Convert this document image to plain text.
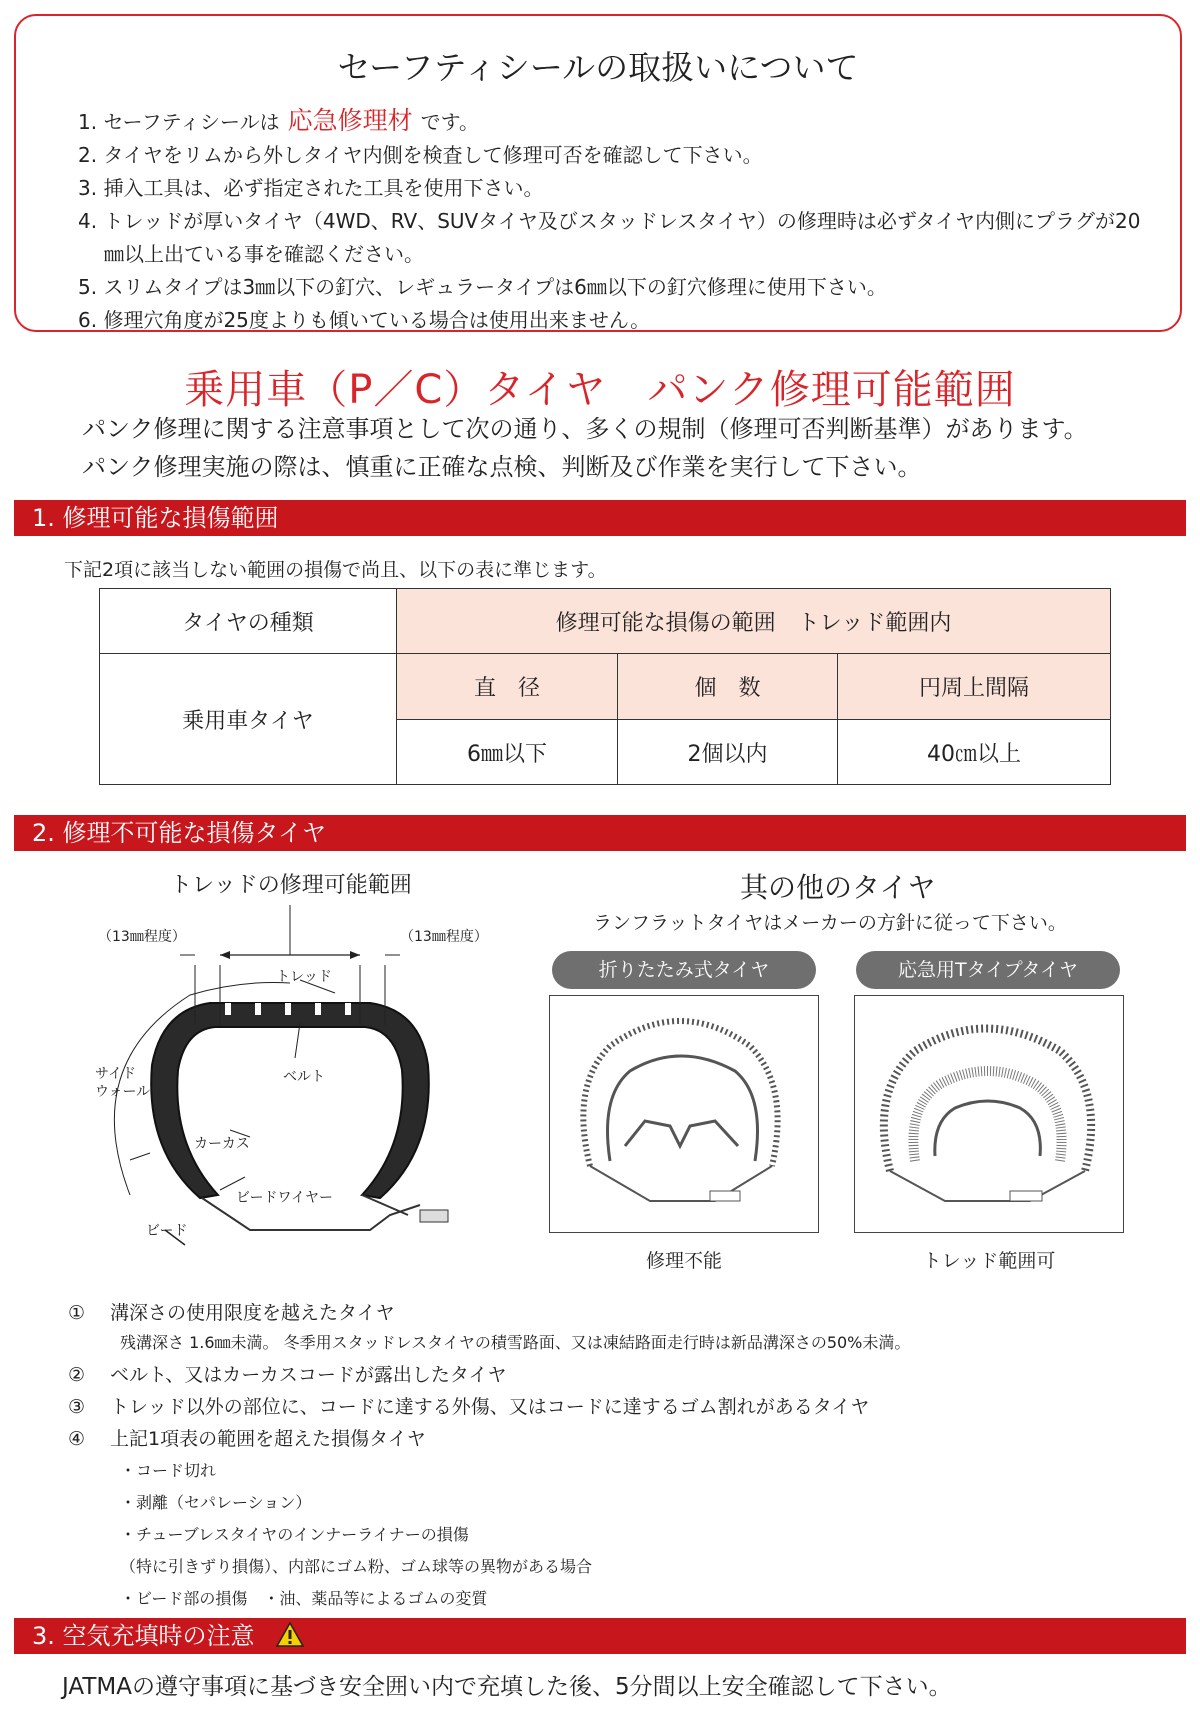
セーフティシールの取扱いについて
1. セーフティシールは 応急修理材 です。
2. タイヤをリムから外しタイヤ内側を検査して修理可否を確認して下さい。
3. 挿入工具は、必ず指定された工具を使用下さい。
4. トレッドが厚いタイヤ（4WD、RV、SUVタイヤ及びスタッドレスタイヤ）の修理時は必ずタイヤ内側にプラグが20
㎜以上出ている事を確認ください。
5. スリムタイプは3㎜以下の釘穴、レギュラータイプは6㎜以下の釘穴修理に使用下さい。
6. 修理穴角度が25度よりも傾いている場合は使用出来ません。
乗用車（P／C）タイヤ　パンク修理可能範囲
パンク修理に関する注意事項として次の通り、多くの規制（修理可否判断基準）があります。
パンク修理実施の際は、慎重に正確な点検、判断及び作業を実行して下さい。
1. 修理可能な損傷範囲
下記2項に該当しない範囲の損傷で尚且、以下の表に準じます。
タイヤの種類	修理可能な損傷の範囲　トレッド範囲内		
乗用車タイヤ	直　径	個　数	円周上間隔
	6㎜以下	2個以内	40㎝以上
2. 修理不可能な損傷タイヤ
トレッドの修理可能範囲
（13㎜程度）	（13㎜程度）
トレッド
サイド
ウォール
ベルト
カーカス
ビードワイヤー
ビード
其の他のタイヤ
ランフラットタイヤはメーカーの方針に従って下さい。
折りたたみ式タイヤ	応急用Tタイプタイヤ
修理不能	トレッド範囲可
① 溝深さの使用限度を越えたタイヤ
残溝深さ 1.6㎜未満。 冬季用スタッドレスタイヤの積雪路面、又は凍結路面走行時は新品溝深さの50%未満。
② ベルト、又はカーカスコードが露出したタイヤ
③ トレッド以外の部位に、コードに達する外傷、又はコードに達するゴム割れがあるタイヤ
④ 上記1項表の範囲を超えた損傷タイヤ
・コード切れ
・剥離（セパレーション）
・チューブレスタイヤのインナーライナーの損傷
（特に引きずり損傷）、内部にゴム粉、ゴム球等の異物がある場合
・ビード部の損傷　・油、薬品等によるゴムの変質
3. 空気充填時の注意
JATMAの遵守事項に基づき安全囲い内で充填した後、5分間以上安全確認して下さい。
